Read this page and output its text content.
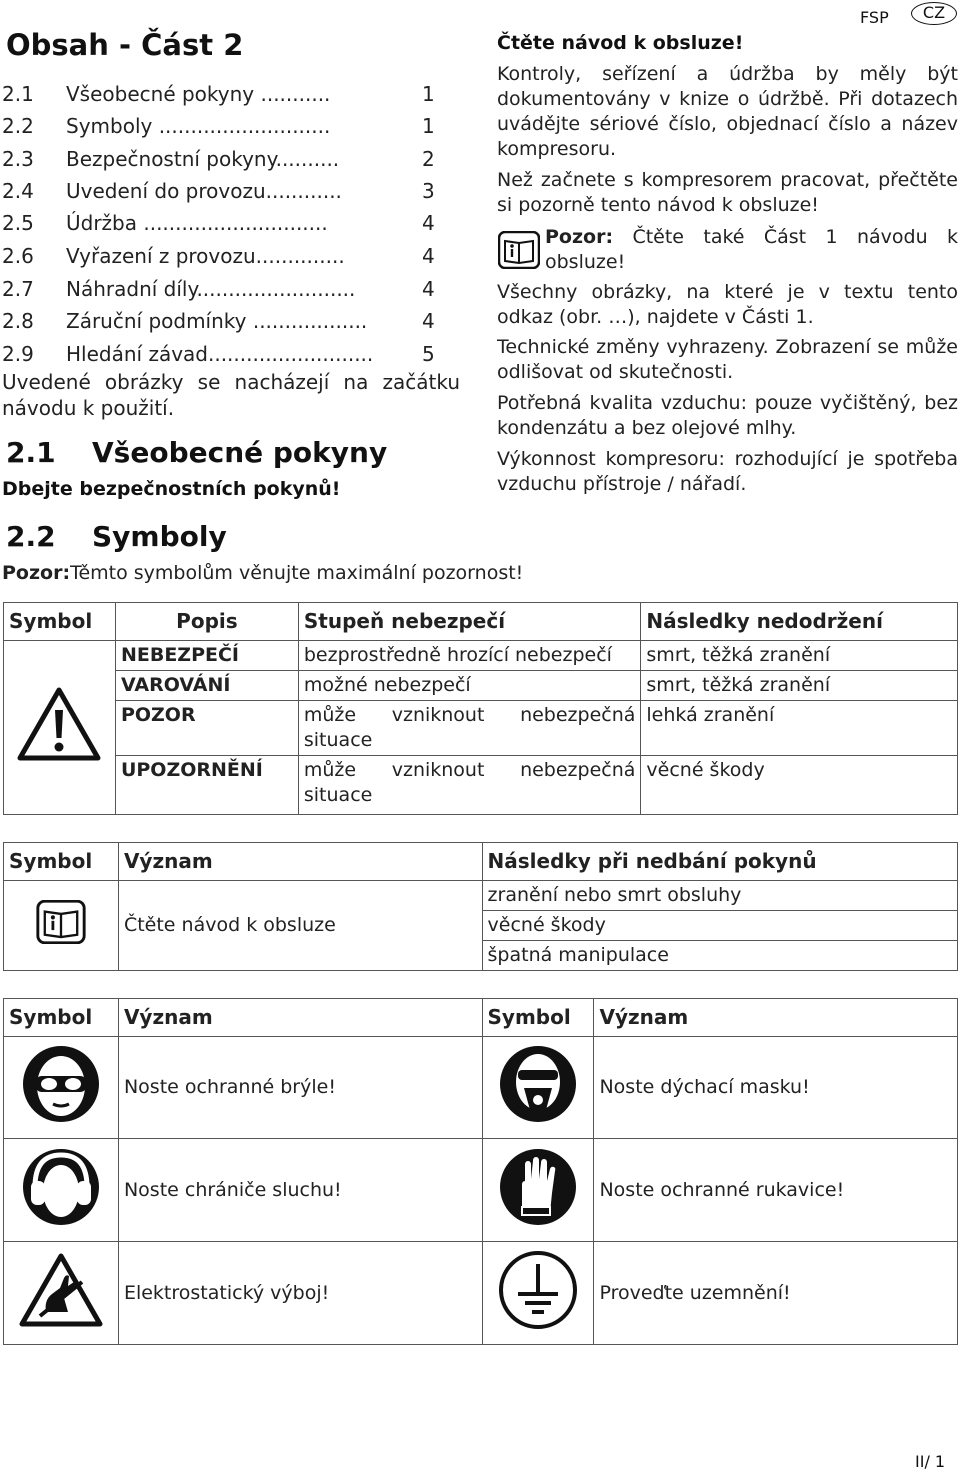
FSP	CZ
Obsah - Část 2
2.1	Všeobecné pokyny ...........	1
2.2	Symboly ...........................	1
2.3	Bezpečnostní pokyny..........	2
2.4	Uvedení do provozu............	3
2.5	Údržba .............................	4
2.6	Vyřazení z provozu..............	4
2.7	Náhradní díly.........................	4
2.8	Záruční podmínky ..................	4
2.9	Hledání závad.......................... 5
Uvedené obrázky se nacházejí na začátku návodu k použití.
2.1 Všeobecné pokyny
Dbejte bezpečnostních pokynů!
2.2 Symboly
Pozor:Těmto symbolům věnujte maximální pozornost!
Čtěte návod k obsluze!
Kontroly, seřízení a údržba by měly být dokumentovány v knize o údržbě. Při dotazech uvádějte sériové číslo, objednací číslo a název kompresoru.
Než začnete s kompresorem pracovat, přečtěte si pozorně tento návod k obsluze!
Pozor: Čtěte také Část 1 návodu k obsluze!
Všechny obrázky, na které je v textu tento odkaz (obr. …), najdete v Části 1.
Technické změny vyhrazeny. Zobrazení se může odlišovat od skutečnosti.
Potřebná kvalita vzduchu: pouze vyčištěný, bez kondenzátu a bez olejové mlhy.
Výkonnost kompresoru: rozhodující je spotřeba vzduchu přístroje / nářadí.
Symbol	Popis	Stupeň nebezpečí	Následky nedodržení
	NEBEZPEČÍ	bezprostředně hrozící nebezpečí	smrt, těžká zranění
	VAROVÁNÍ	možné nebezpečí	smrt, těžká zranění
	POZOR	může vzniknout nebezpečná situace	lehká zranění
	UPOZORNĚNÍ	může vzniknout nebezpečná situace	věcné škody
Symbol	Význam	Následky při nedbání pokynů
	Čtěte návod k obsluze	zranění nebo smrt obsluhy
		věcné škody
		špatná manipulace
Symbol	Význam	Symbol	Význam
	Noste ochranné brýle!		Noste dýchací masku!
	Noste chrániče sluchu!		Noste ochranné rukavice!
	Elektrostatický výboj!		Proveďte uzemnění!
II/ 1
